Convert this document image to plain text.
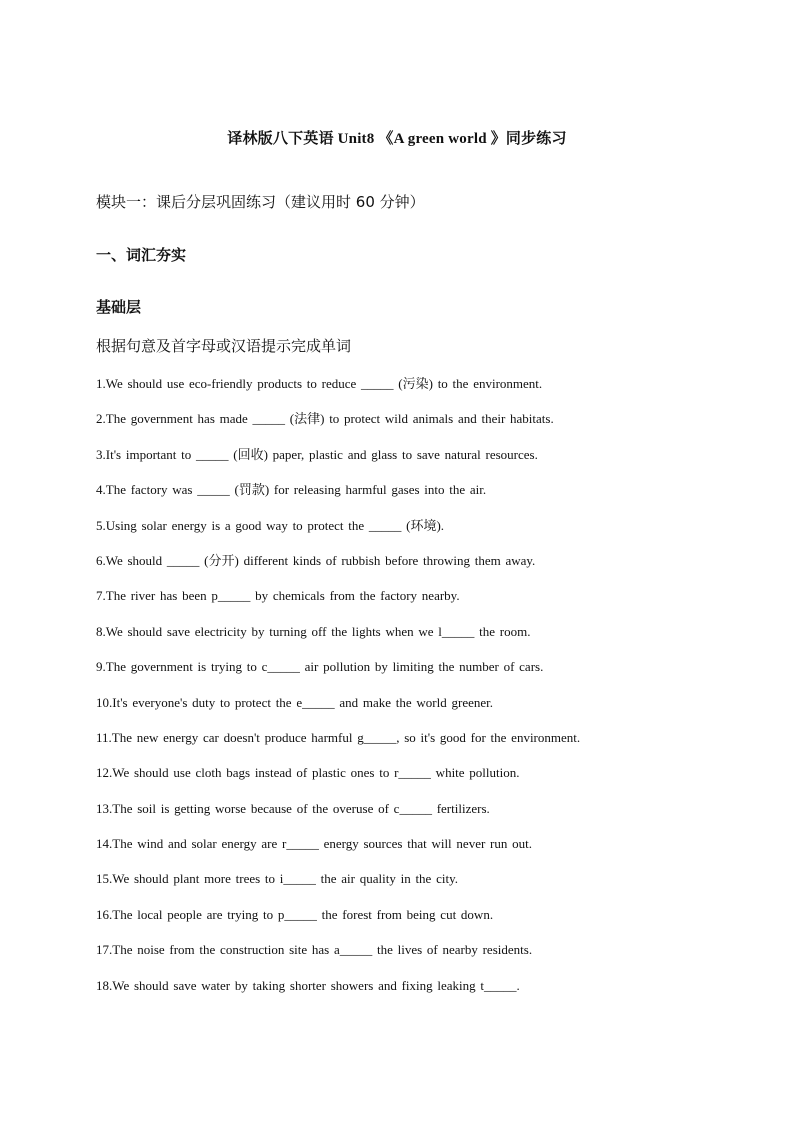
译林版八下英语 Unit8 《A green world 》同步练习
模块一：课后分层巩固练习（建议用时 60 分钟）
一、词汇夯实
基础层
根据句意及首字母或汉语提示完成单词
1.We should use eco-friendly products to reduce _____ (污染) to the environment.
2.The government has made _____ (法律) to protect wild animals and their habitats.
3.It's important to _____ (回收) paper, plastic and glass to save natural resources.
4.The factory was _____ (罚款) for releasing harmful gases into the air.
5.Using solar energy is a good way to protect the _____ (环境).
6.We should _____ (分开) different kinds of rubbish before throwing them away.
7.The river has been p_____ by chemicals from the factory nearby.
8.We should save electricity by turning off the lights when we l_____ the room.
9.The government is trying to c_____ air pollution by limiting the number of cars.
10.It's everyone's duty to protect the e_____ and make the world greener.
11.The new energy car doesn't produce harmful g_____, so it's good for the environment.
12.We should use cloth bags instead of plastic ones to r_____ white pollution.
13.The soil is getting worse because of the overuse of c_____ fertilizers.
14.The wind and solar energy are r_____ energy sources that will never run out.
15.We should plant more trees to i_____ the air quality in the city.
16.The local people are trying to p_____ the forest from being cut down.
17.The noise from the construction site has a_____ the lives of nearby residents.
18.We should save water by taking shorter showers and fixing leaking t_____.
